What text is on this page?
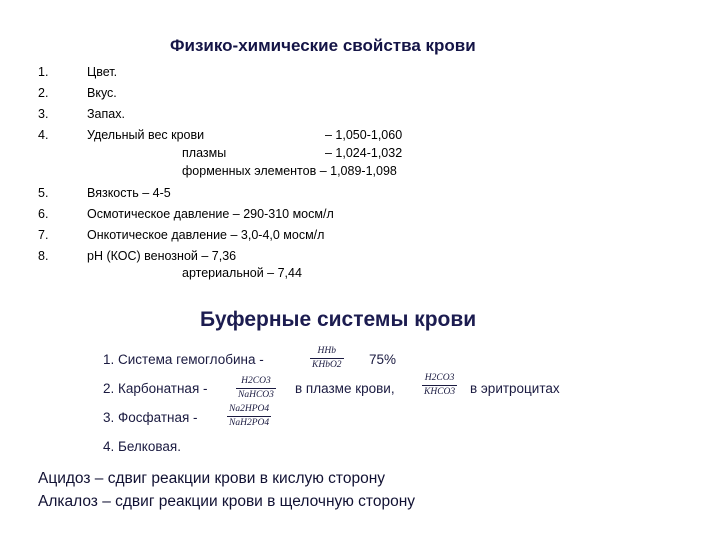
Физико-химические свойства крови
1.	Цвет.
2.	Вкус.
3.	Запах.
4.	Удельный вес крови	– 1,050-1,060
плазмы	– 1,024-1,032
форменных элементов – 1,089-1,098
5.	Вязкость – 4-5
6.	Осмотическое давление – 290-310 мосм/л
7.	Онкотическое давление – 3,0-4,0 мосм/л
8.	рН (КОС) венозной – 7,36
артериальной – 7,44
Буферные системы крови
1. Система гемоглобина -
HHb
KHbO2 75%
2. Карбонатная -	H2CO3
NaHCO3 в плазме крови,
H2CO3
KHCO3 в эритроцитах
3. Фосфатная -
Na2HPO4
NaH2PO4
4. Белковая.
Ацидоз – сдвиг реакции крови в кислую сторону
Алкалоз – сдвиг реакции крови в щелочную сторону
